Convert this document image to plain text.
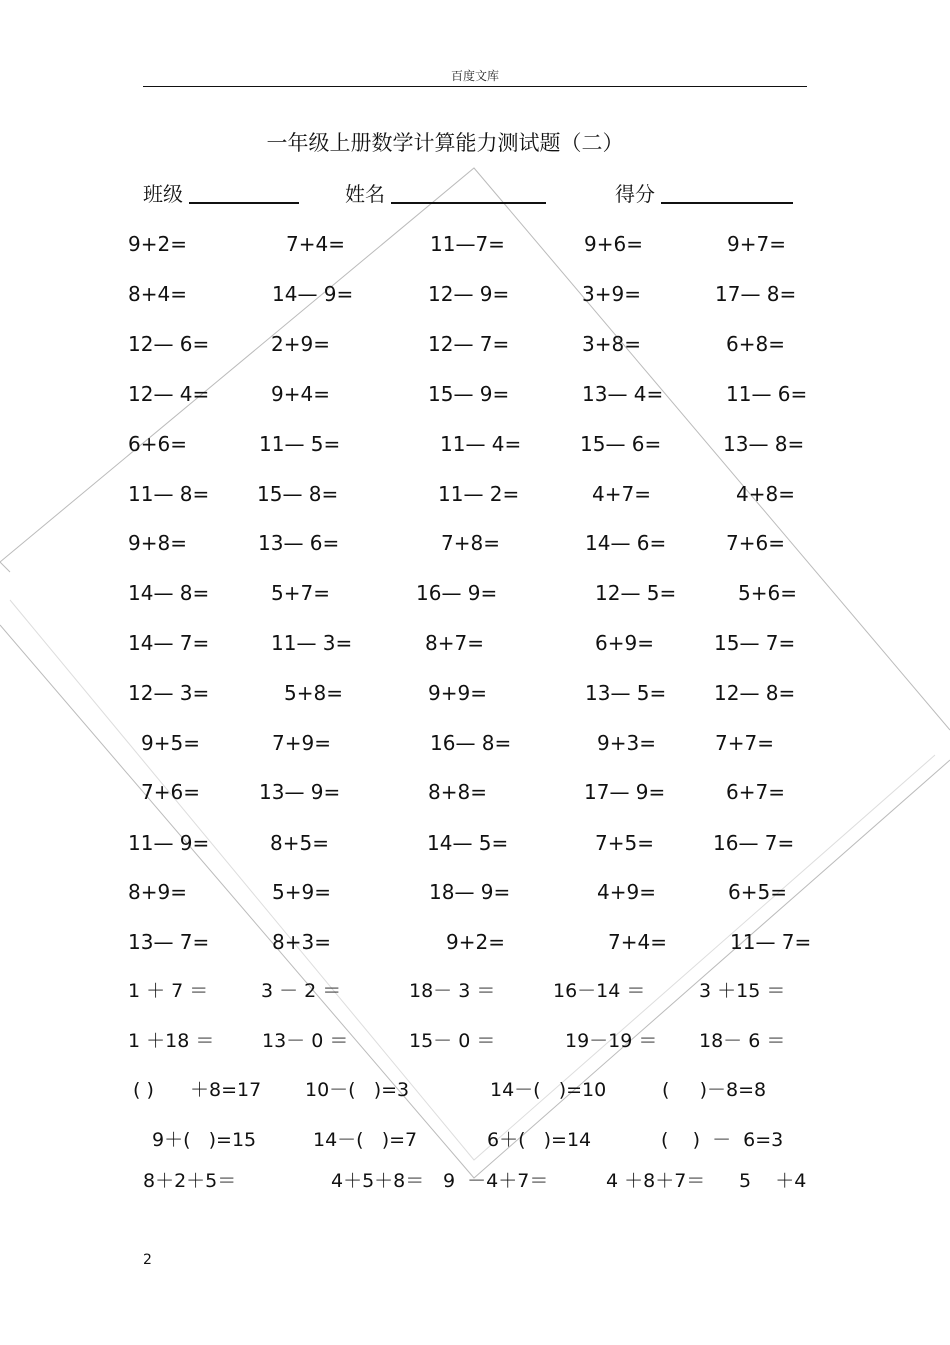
百度文库
一年级上册数学计算能力测试题（二）
班级	姓名	得分
9+2=	7+4=	11—7=	9+6=	9+7=
8+4=	14— 9=	12— 9=	3+9=	17— 8=
12— 6=	2+9=	12— 7=	3+8=	6+8=
12— 4=	9+4=	15— 9=	13— 4=	11— 6=
6+6=	11— 5=	11— 4=	15— 6=	13— 8=
11— 8= 15— 8=	11— 2=	4+7=	4+8=
9+8=	13— 6=	7+8=	14— 6=	7+6=
14— 8=	5+7=	16— 9=	12— 5=	5+6=
14— 7=	11— 3=	8+7=	6+9=	15— 7=
12— 3=	5+8=	9+9=	13— 5= 12— 8=
9+5=	7+9=	16— 8=	9+3=	7+7=
7+6=	13— 9=	8+8=	17— 9=	6+7=
11— 9=	8+5=	14— 5=	7+5=	16— 7=
8+9=	5+9=	18— 9=	4+9=	6+5=
13— 7=	8+3=	9+2=	7+4=	11— 7=
1 ＋ 7 ＝	3 － 2 ＝	18－ 3 ＝	16－14 ＝	3 ＋15 ＝
1 ＋18 ＝	13－ 0 ＝	15－ 0 ＝	19－19 ＝ 18－ 6 ＝
( ) ＋8=17 10－(   )=3	14－(   )=10	(     )－8=8
9＋(   )=15	14－(   )=7	6＋(   )=14	(    )  －  6=3
8＋2＋5＝	4＋5＋8＝ 9  －4＋7＝	4 ＋8＋7＝ 5    ＋4
2
